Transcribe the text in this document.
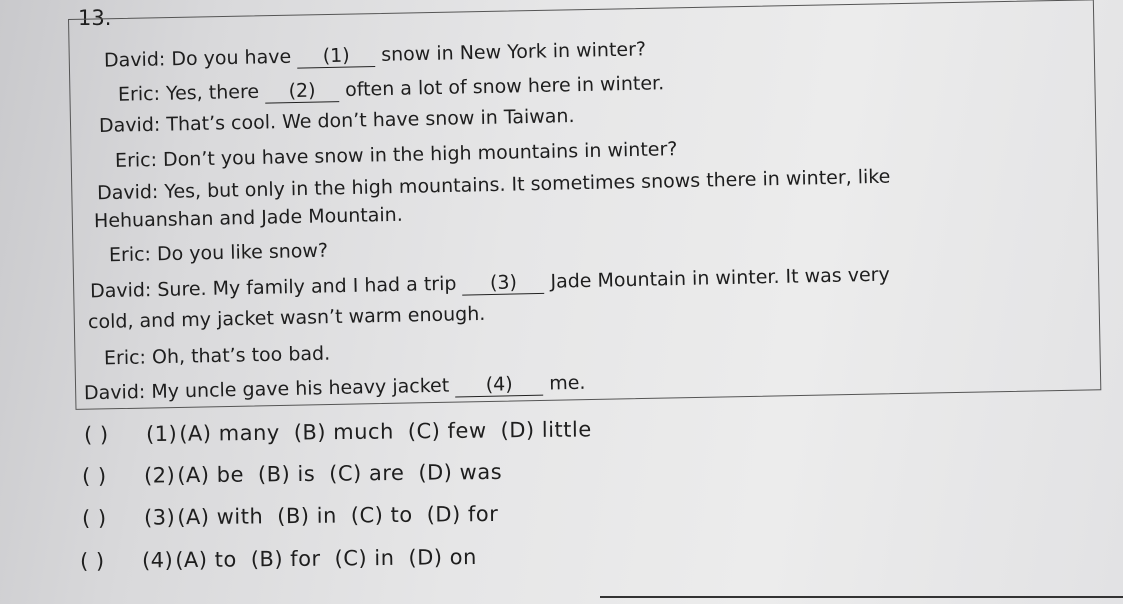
13.
David: Do you have (1) snow in New York in winter?
Eric: Yes, there (2) often a lot of snow here in winter.
David: That’s cool. We don’t have snow in Taiwan.
Eric: Don’t you have snow in the high mountains in winter?
David: Yes, but only in the high mountains. It sometimes snows there in winter, like
Hehuanshan and Jade Mountain.
Eric: Do you like snow?
David: Sure. My family and I had a trip (3) Jade Mountain in winter. It was very
cold, and my jacket wasn’t warm enough.
Eric: Oh, that’s too bad.
David: My uncle gave his heavy jacket (4) me.
( ) (1)(A) many (B) much (C) few (D) little
( ) (2)(A) be (B) is (C) are (D) was
( ) (3)(A) with (B) in (C) to (D) for
( ) (4)(A) to (B) for (C) in (D) on
